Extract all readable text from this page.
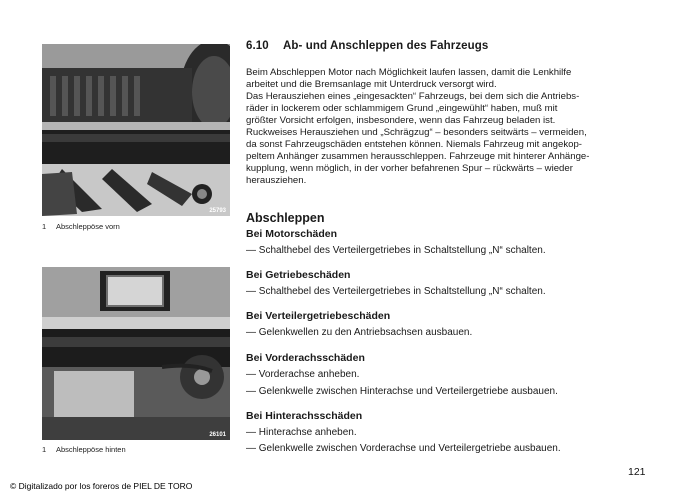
25793
1 Abschleppöse vorn
26101
1 Abschleppöse hinten
6.10 Ab- und Anschleppen des Fahrzeugs

Beim Abschleppen Motor nach Möglichkeit laufen lassen, damit die Lenkhilfe
arbeitet und die Bremsanlage mit Unterdruck versorgt wird.

Das Herausziehen eines „eingesackten“ Fahrzeugs, bei dem sich die Antriebs-
räder in lockerem oder schlammigem Grund „eingewühlt“ haben, muß mit
größter Vorsicht erfolgen, insbesondere, wenn das Fahrzeug beladen ist.
Ruckweises Herausziehen und „Schrägzug“ – besonders seitwärts – vermeiden,
da sonst Fahrzeugschäden entstehen können. Niemals Fahrzeug mit angekop-
peltem Anhänger zusammen herausschleppen. Fahrzeuge mit hinterer Anhänge-
kupplung, wenn möglich, in der vorher befahrenen Spur – rückwärts – wieder
herausziehen.

Abschleppen
Bei Motorschäden
— Schalthebel des Verteilergetriebes in Schaltstellung „N“ schalten.
Bei Getriebeschäden
— Schalthebel des Verteilergetriebes in Schaltstellung „N“ schalten.
Bei Verteilergetriebeschäden
— Gelenkwellen zu den Antriebsachsen ausbauen.
Bei Vorderachsschäden
— Vorderachse anheben.
— Gelenkwelle zwischen Hinterachse und Verteilergetriebe ausbauen.
Bei Hinterachsschäden
— Hinterachse anheben.
— Gelenkwelle zwischen Vorderachse und Verteilergetriebe ausbauen.
121
© Digitalizado por los foreros de PIEL DE TORO
